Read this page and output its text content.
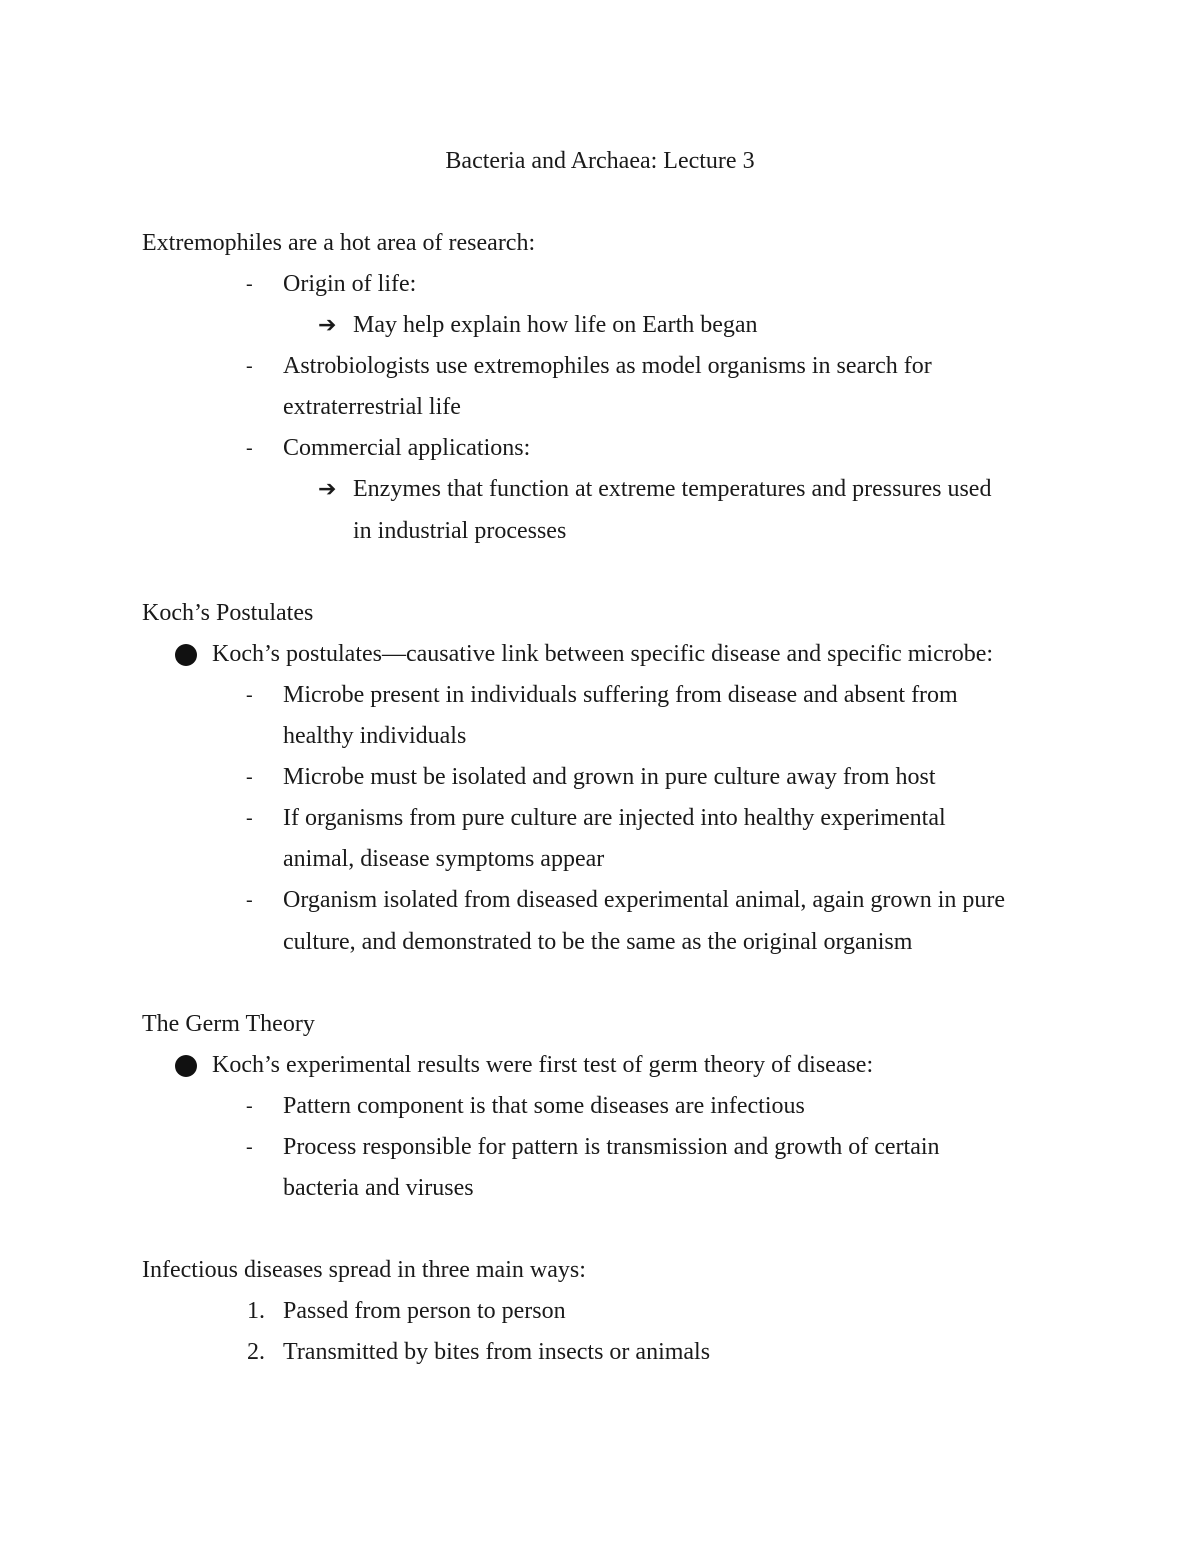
Bacteria and Archaea: Lecture 3
Extremophiles are a hot area of research:
- Origin of life:
➔ May help explain how life on Earth began
- Astrobiologists use extremophiles as model organisms in search for
extraterrestrial life
- Commercial applications:
➔ Enzymes that function at extreme temperatures and pressures used
in industrial processes
Koch’s Postulates
Koch’s postulates—causative link between specific disease and specific microbe:
- Microbe present in individuals suffering from disease and absent from
healthy individuals
- Microbe must be isolated and grown in pure culture away from host
- If organisms from pure culture are injected into healthy experimental
animal, disease symptoms appear
- Organism isolated from diseased experimental animal, again grown in pure
culture, and demonstrated to be the same as the original organism
The Germ Theory
Koch’s experimental results were first test of germ theory of disease:
- Pattern component is that some diseases are infectious
- Process responsible for pattern is transmission and growth of certain
bacteria and viruses
Infectious diseases spread in three main ways:
1. Passed from person to person
2. Transmitted by bites from insects or animals
